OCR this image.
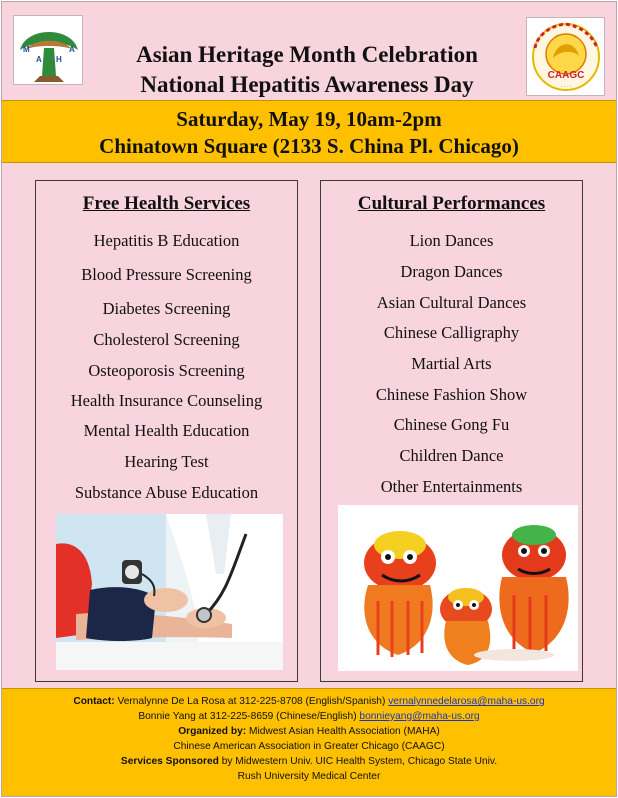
M
A H
A
CAAGC
· · · ·
Asian Heritage Month Celebration
National Hepatitis Awareness Day
Saturday, May 19, 10am-2pm
Chinatown Square (2133 S. China Pl. Chicago)
Free Health Services
Hepatitis B Education
Blood Pressure Screening
Diabetes Screening
Cholesterol Screening
Osteoporosis Screening
Health Insurance Counseling
Mental Health Education
Hearing Test
Substance Abuse Education
Cultural Performances
Lion Dances
Dragon Dances
Asian Cultural Dances
Chinese Calligraphy
Martial Arts
Chinese Fashion Show
Chinese Gong Fu
Children Dance
Other Entertainments
Contact: Vernalynne De La Rosa at 312-225-8708 (English/Spanish) vernalynnedelarosa@maha-us.org
Bonnie Yang at 312-225-8659 (Chinese/English) bonnieyang@maha-us.org
Organized by: Midwest Asian Health Association (MAHA)
Chinese American Association in Greater Chicago (CAAGC)
Services Sponsored by Midwestern Univ. UIC Health System, Chicago State Univ.
Rush University Medical Center
